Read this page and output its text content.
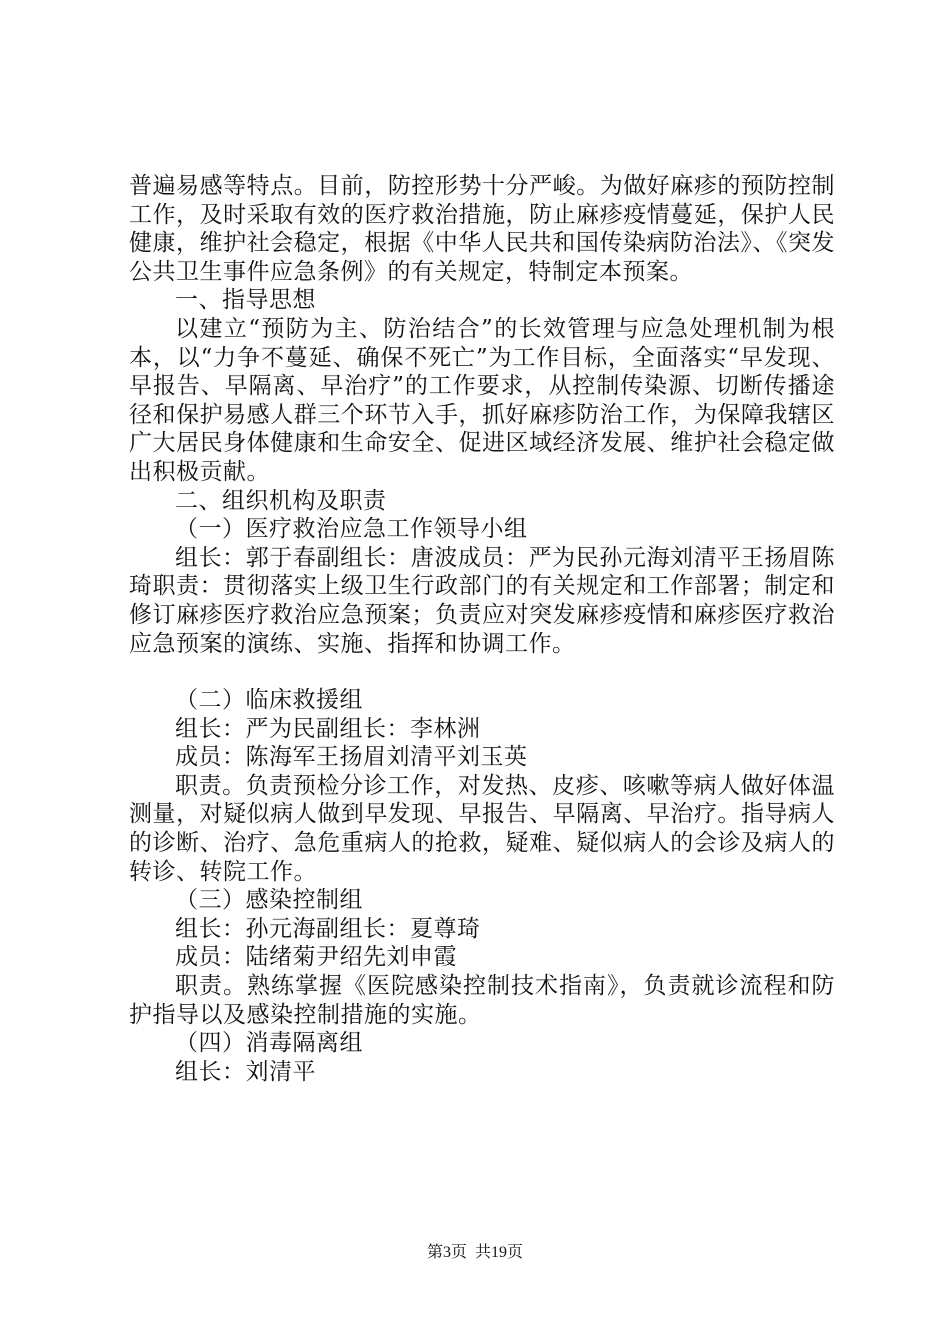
普遍易感等特点。目前，防控形势十分严峻。为做好麻疹的预防控制工作，及时采取有效的医疗救治措施，防止麻疹疫情蔓延，保护人民健康，维护社会稳定，根据《中华人民共和国传染病防治法》、《突发公共卫生事件应急条例》的有关规定，特制定本预案。

一、指导思想

以建立“预防为主、防治结合”的长效管理与应急处理机制为根本，以“力争不蔓延、确保不死亡”为工作目标，全面落实“早发现、早报告、早隔离、早治疗”的工作要求，从控制传染源、切断传播途径和保护易感人群三个环节入手，抓好麻疹防治工作，为保障我辖区广大居民身体健康和生命安全、促进区域经济发展、维护社会稳定做出积极贡献。

二、组织机构及职责

（一）医疗救治应急工作领导小组

组长：郭于春副组长：唐波成员：严为民孙元海刘清平王扬眉陈琦职责：贯彻落实上级卫生行政部门的有关规定和工作部署；制定和修订麻疹医疗救治应急预案；负责应对突发麻疹疫情和麻疹医疗救治应急预案的演练、实施、指挥和协调工作。

（二）临床救援组

组长：严为民副组长：李林洲

成员：陈海军王扬眉刘清平刘玉英

职责。负责预检分诊工作，对发热、皮疹、咳嗽等病人做好体温测量，对疑似病人做到早发现、早报告、早隔离、早治疗。指导病人的诊断、治疗、急危重病人的抢救，疑难、疑似病人的会诊及病人的转诊、转院工作。

（三）感染控制组

组长：孙元海副组长：夏尊琦

成员：陆绪菊尹绍先刘申霞

职责。熟练掌握《医院感染控制技术指南》，负责就诊流程和防护指导以及感染控制措施的实施。

（四）消毒隔离组

组长：刘清平

第3页 共19页
